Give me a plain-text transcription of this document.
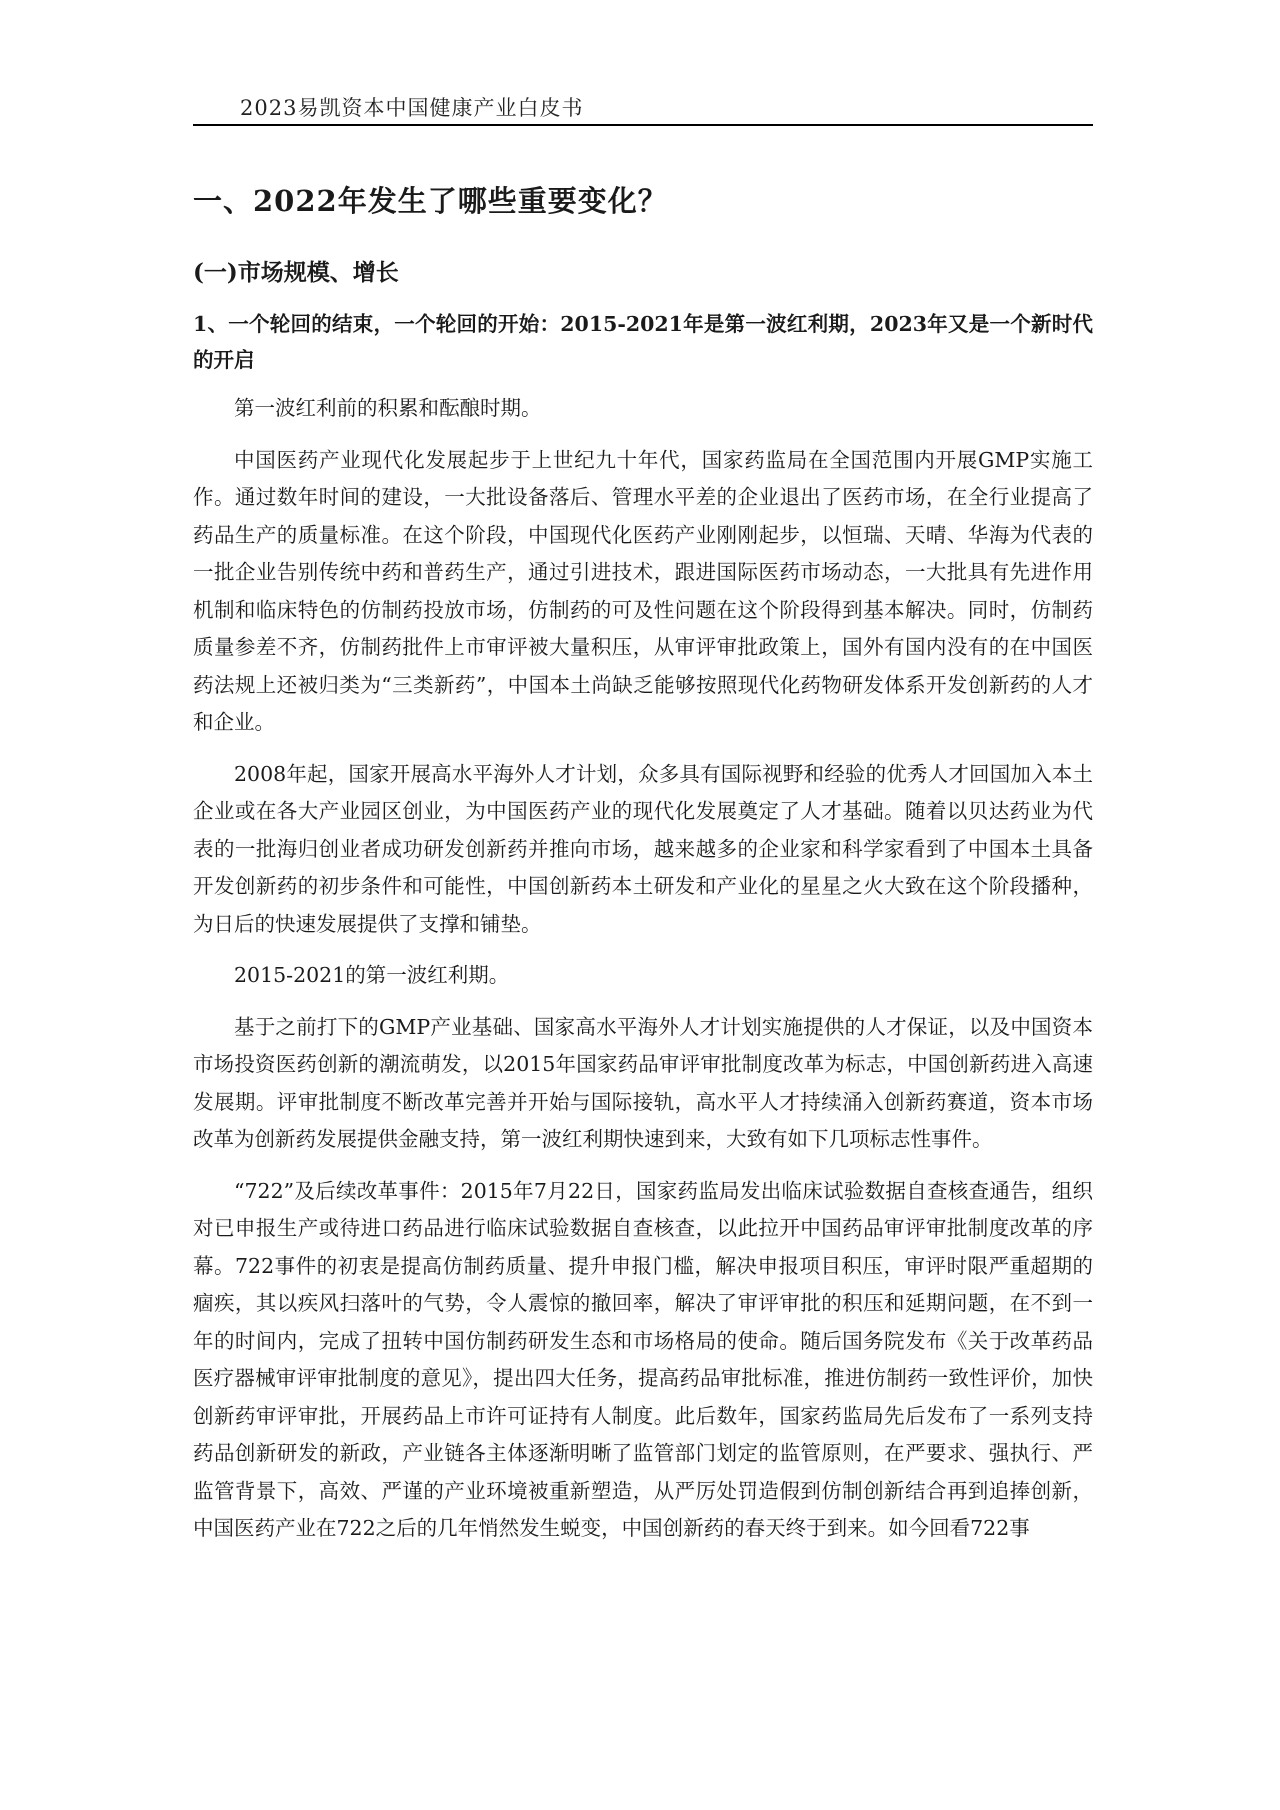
2023易凯资本中国健康产业白皮书
一、2022年发生了哪些重要变化？
(一)市场规模、增长
1、一个轮回的结束，一个轮回的开始：2015-2021年是第一波红利期，2023年又是一个新时代的开启

第一波红利前的积累和酝酿时期。

中国医药产业现代化发展起步于上世纪九十年代，国家药监局在全国范围内开展GMP实施工作。通过数年时间的建设，一大批设备落后、管理水平差的企业退出了医药市场，在全行业提高了药品生产的质量标准。在这个阶段，中国现代化医药产业刚刚起步，以恒瑞、天晴、华海为代表的一批企业告别传统中药和普药生产，通过引进技术，跟进国际医药市场动态，一大批具有先进作用机制和临床特色的仿制药投放市场，仿制药的可及性问题在这个阶段得到基本解决。同时，仿制药质量参差不齐，仿制药批件上市审评被大量积压，从审评审批政策上，国外有国内没有的在中国医药法规上还被归类为“三类新药”，中国本土尚缺乏能够按照现代化药物研发体系开发创新药的人才和企业。

2008年起，国家开展高水平海外人才计划，众多具有国际视野和经验的优秀人才回国加入本土企业或在各大产业园区创业，为中国医药产业的现代化发展奠定了人才基础。随着以贝达药业为代表的一批海归创业者成功研发创新药并推向市场，越来越多的企业家和科学家看到了中国本土具备开发创新药的初步条件和可能性，中国创新药本土研发和产业化的星星之火大致在这个阶段播种，为日后的快速发展提供了支撑和铺垫。

2015-2021的第一波红利期。

基于之前打下的GMP产业基础、国家高水平海外人才计划实施提供的人才保证，以及中国资本市场投资医药创新的潮流萌发，以2015年国家药品审评审批制度改革为标志，中国创新药进入高速发展期。评审批制度不断改革完善并开始与国际接轨，高水平人才持续涌入创新药赛道，资本市场改革为创新药发展提供金融支持，第一波红利期快速到来，大致有如下几项标志性事件。

“722”及后续改革事件：2015年7月22日，国家药监局发出临床试验数据自查核查通告，组织对已申报生产或待进口药品进行临床试验数据自查核查，以此拉开中国药品审评审批制度改革的序幕。722事件的初衷是提高仿制药质量、提升申报门槛，解决申报项目积压，审评时限严重超期的痼疾，其以疾风扫落叶的气势，令人震惊的撤回率，解决了审评审批的积压和延期问题，在不到一年的时间内，完成了扭转中国仿制药研发生态和市场格局的使命。随后国务院发布《关于改革药品医疗器械审评审批制度的意见》，提出四大任务，提高药品审批标准，推进仿制药一致性评价，加快创新药审评审批，开展药品上市许可证持有人制度。此后数年，国家药监局先后发布了一系列支持药品创新研发的新政，产业链各主体逐渐明晰了监管部门划定的监管原则，在严要求、强执行、严监管背景下，高效、严谨的产业环境被重新塑造，从严厉处罚造假到仿制创新结合再到追捧创新，中国医药产业在722之后的几年悄然发生蜕变，中国创新药的春天终于到来。如今回看722事
